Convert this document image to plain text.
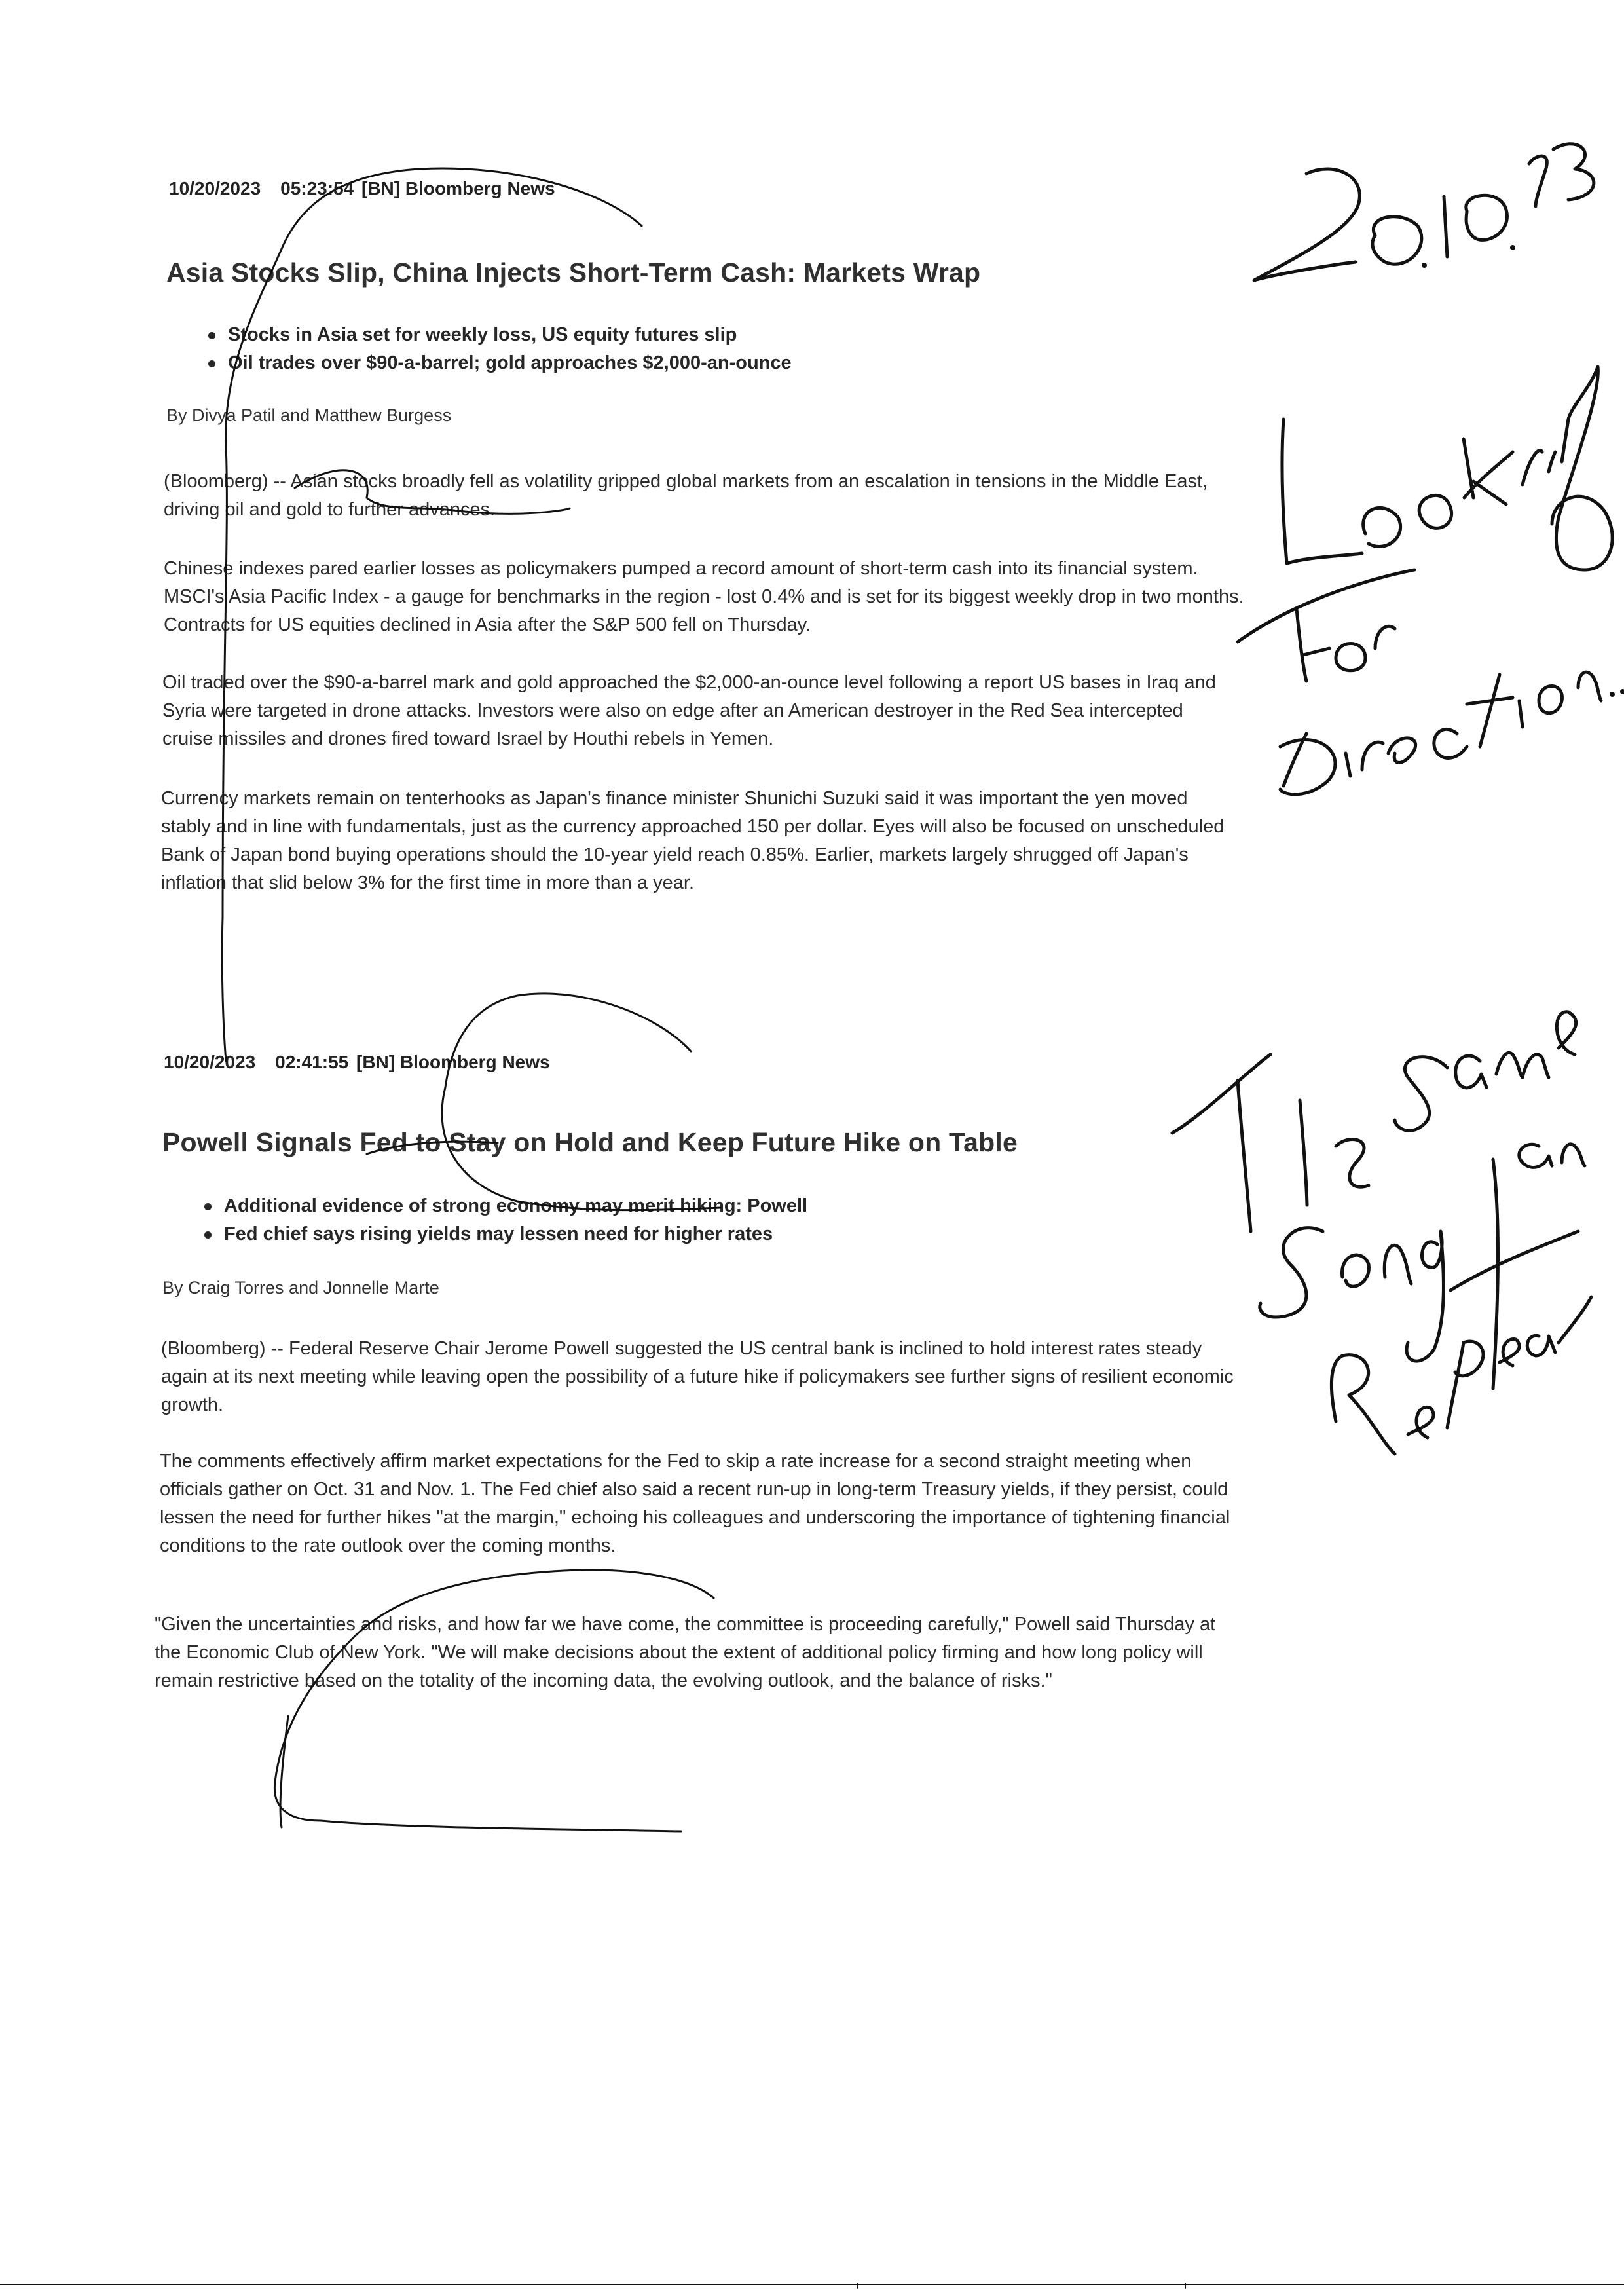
10/20/2023 05:23:54 [BN] Bloomberg News
Asia Stocks Slip, China Injects Short-Term Cash: Markets Wrap
Stocks in Asia set for weekly loss, US equity futures slip
Oil trades over $90-a-barrel; gold approaches $2,000-an-ounce
By Divya Patil and Matthew Burgess

(Bloomberg) -- Asian stocks broadly fell as volatility gripped global markets from an escalation in tensions in the Middle East, driving oil and gold to further advances.

Chinese indexes pared earlier losses as policymakers pumped a record amount of short-term cash into its financial system. MSCI's Asia Pacific Index - a gauge for benchmarks in the region - lost 0.4% and is set for its biggest weekly drop in two months. Contracts for US equities declined in Asia after the S&P 500 fell on Thursday.

Oil traded over the $90-a-barrel mark and gold approached the $2,000-an-ounce level following a report US bases in Iraq and Syria were targeted in drone attacks. Investors were also on edge after an American destroyer in the Red Sea intercepted cruise missiles and drones fired toward Israel by Houthi rebels in Yemen.

Currency markets remain on tenterhooks as Japan's finance minister Shunichi Suzuki said it was important the yen moved stably and in line with fundamentals, just as the currency approached 150 per dollar. Eyes will also be focused on unscheduled Bank of Japan bond buying operations should the 10-year yield reach 0.85%. Earlier, markets largely shrugged off Japan's inflation that slid below 3% for the first time in more than a year.

10/20/2023 02:41:55 [BN] Bloomberg News
Powell Signals Fed to Stay on Hold and Keep Future Hike on Table
Additional evidence of strong economy may merit hiking: Powell
Fed chief says rising yields may lessen need for higher rates
By Craig Torres and Jonnelle Marte

(Bloomberg) -- Federal Reserve Chair Jerome Powell suggested the US central bank is inclined to hold interest rates steady again at its next meeting while leaving open the possibility of a future hike if policymakers see further signs of resilient economic growth.

The comments effectively affirm market expectations for the Fed to skip a rate increase for a second straight meeting when officials gather on Oct. 31 and Nov. 1. The Fed chief also said a recent run-up in long-term Treasury yields, if they persist, could lessen the need for further hikes "at the margin," echoing his colleagues and underscoring the importance of tightening financial conditions to the rate outlook over the coming months.

"Given the uncertainties and risks, and how far we have come, the committee is proceeding carefully," Powell said Thursday at the Economic Club of New York. "We will make decisions about the extent of additional policy firming and how long policy will remain restrictive based on the totality of the incoming data, the evolving outlook, and the balance of risks."
